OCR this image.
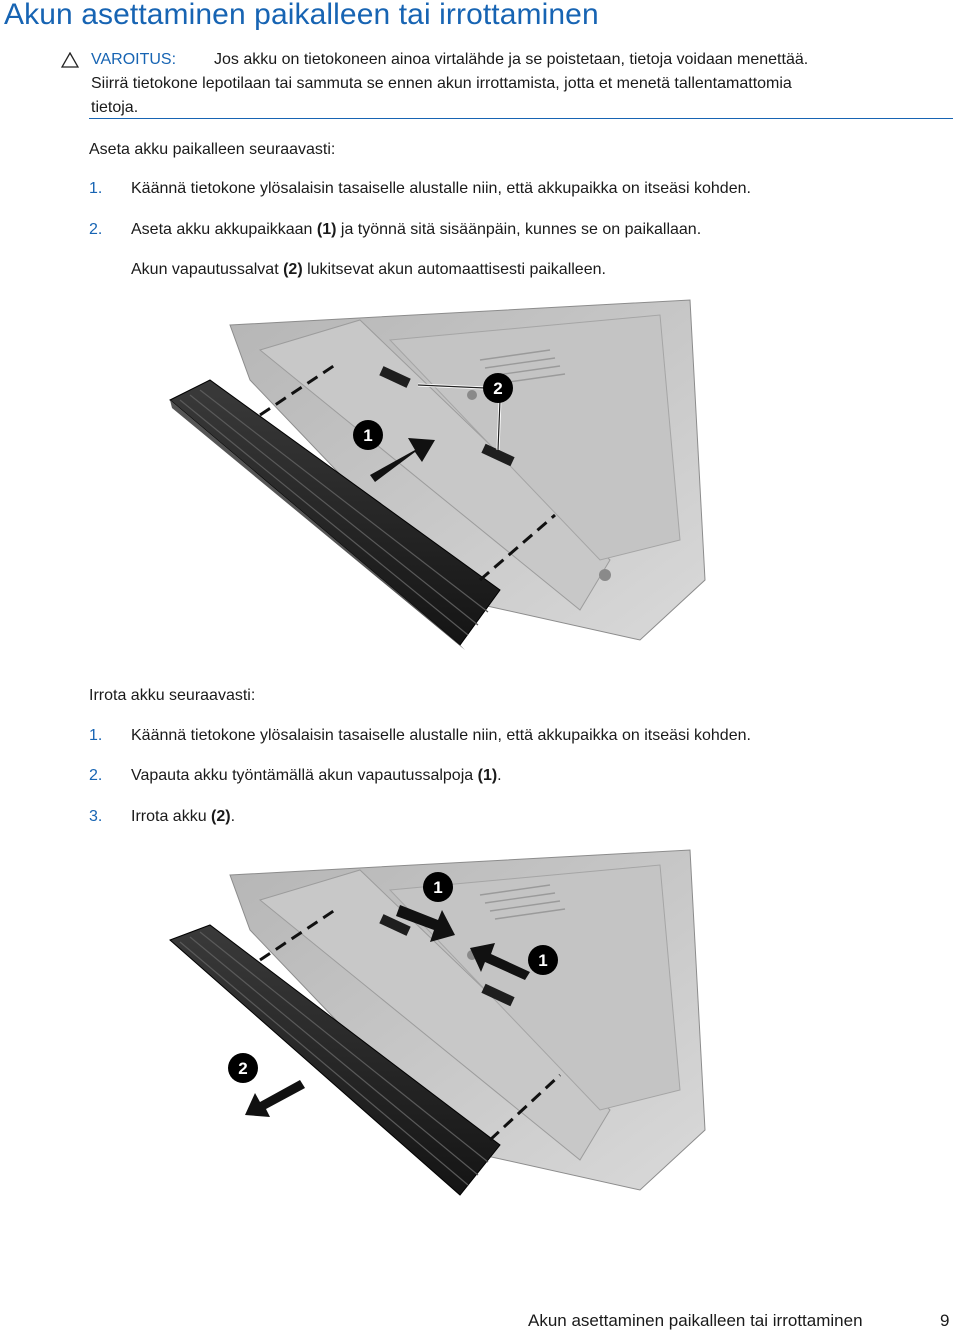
Akun asettaminen paikalleen tai irrottaminen
VAROITUS: Jos akku on tietokoneen ainoa virtalähde ja se poistetaan, tietoja voidaan menettää.
Siirrä tietokone lepotilaan tai sammuta se ennen akun irrottamista, jotta et menetä tallentamattomia
tietoja.
Aseta akku paikalleen seuraavasti:
1. Käännä tietokone ylösalaisin tasaiselle alustalle niin, että akkupaikka on itseäsi kohden.
2. Aseta akku akkupaikkaan (1) ja työnnä sitä sisäänpäin, kunnes se on paikallaan.
Akun vapautussalvat (2) lukitsevat akun automaattisesti paikalleen.
1
2
Irrota akku seuraavasti:
1. Käännä tietokone ylösalaisin tasaiselle alustalle niin, että akkupaikka on itseäsi kohden.
2. Vapauta akku työntämällä akun vapautussalpoja (1).
3. Irrota akku (2).
1
1
2
Akun asettaminen paikalleen tai irrottaminen	9
